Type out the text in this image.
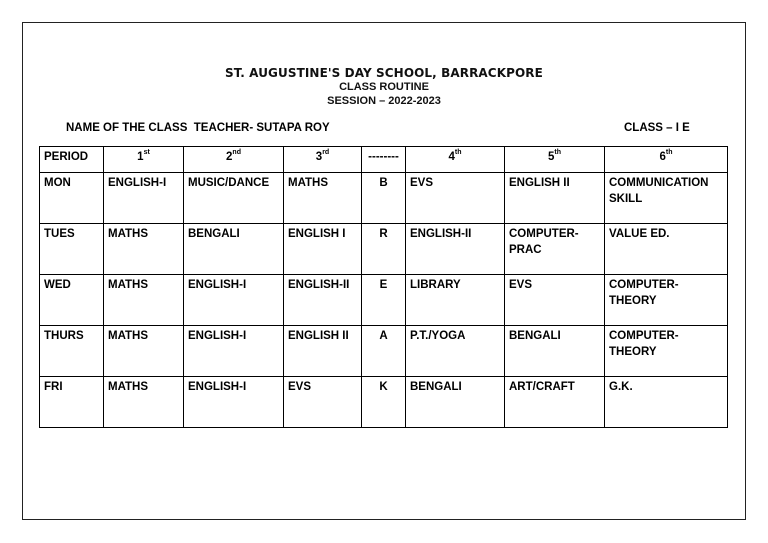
ST. AUGUSTINE'S DAY SCHOOL, BARRACKPORE
CLASS ROUTINE
SESSION – 2022-2023
NAME OF THE CLASS  TEACHER- SUTAPA ROY	CLASS – I E
PERIOD	1st	2nd	3rd	--------	4th	5th	6th
MON	ENGLISH-I	MUSIC/DANCE	MATHS	B	EVS	ENGLISH II	COMMUNICATION SKILL
TUES	MATHS	BENGALI	ENGLISH I	R	ENGLISH-II	COMPUTER-PRAC	VALUE ED.
WED	MATHS	ENGLISH-I	ENGLISH-II	E	LIBRARY	EVS	COMPUTER-THEORY
THURS	MATHS	ENGLISH-I	ENGLISH II	A	P.T./YOGA	BENGALI	COMPUTER-THEORY
FRI	MATHS	ENGLISH-I	EVS	K	BENGALI	ART/CRAFT	G.K.
